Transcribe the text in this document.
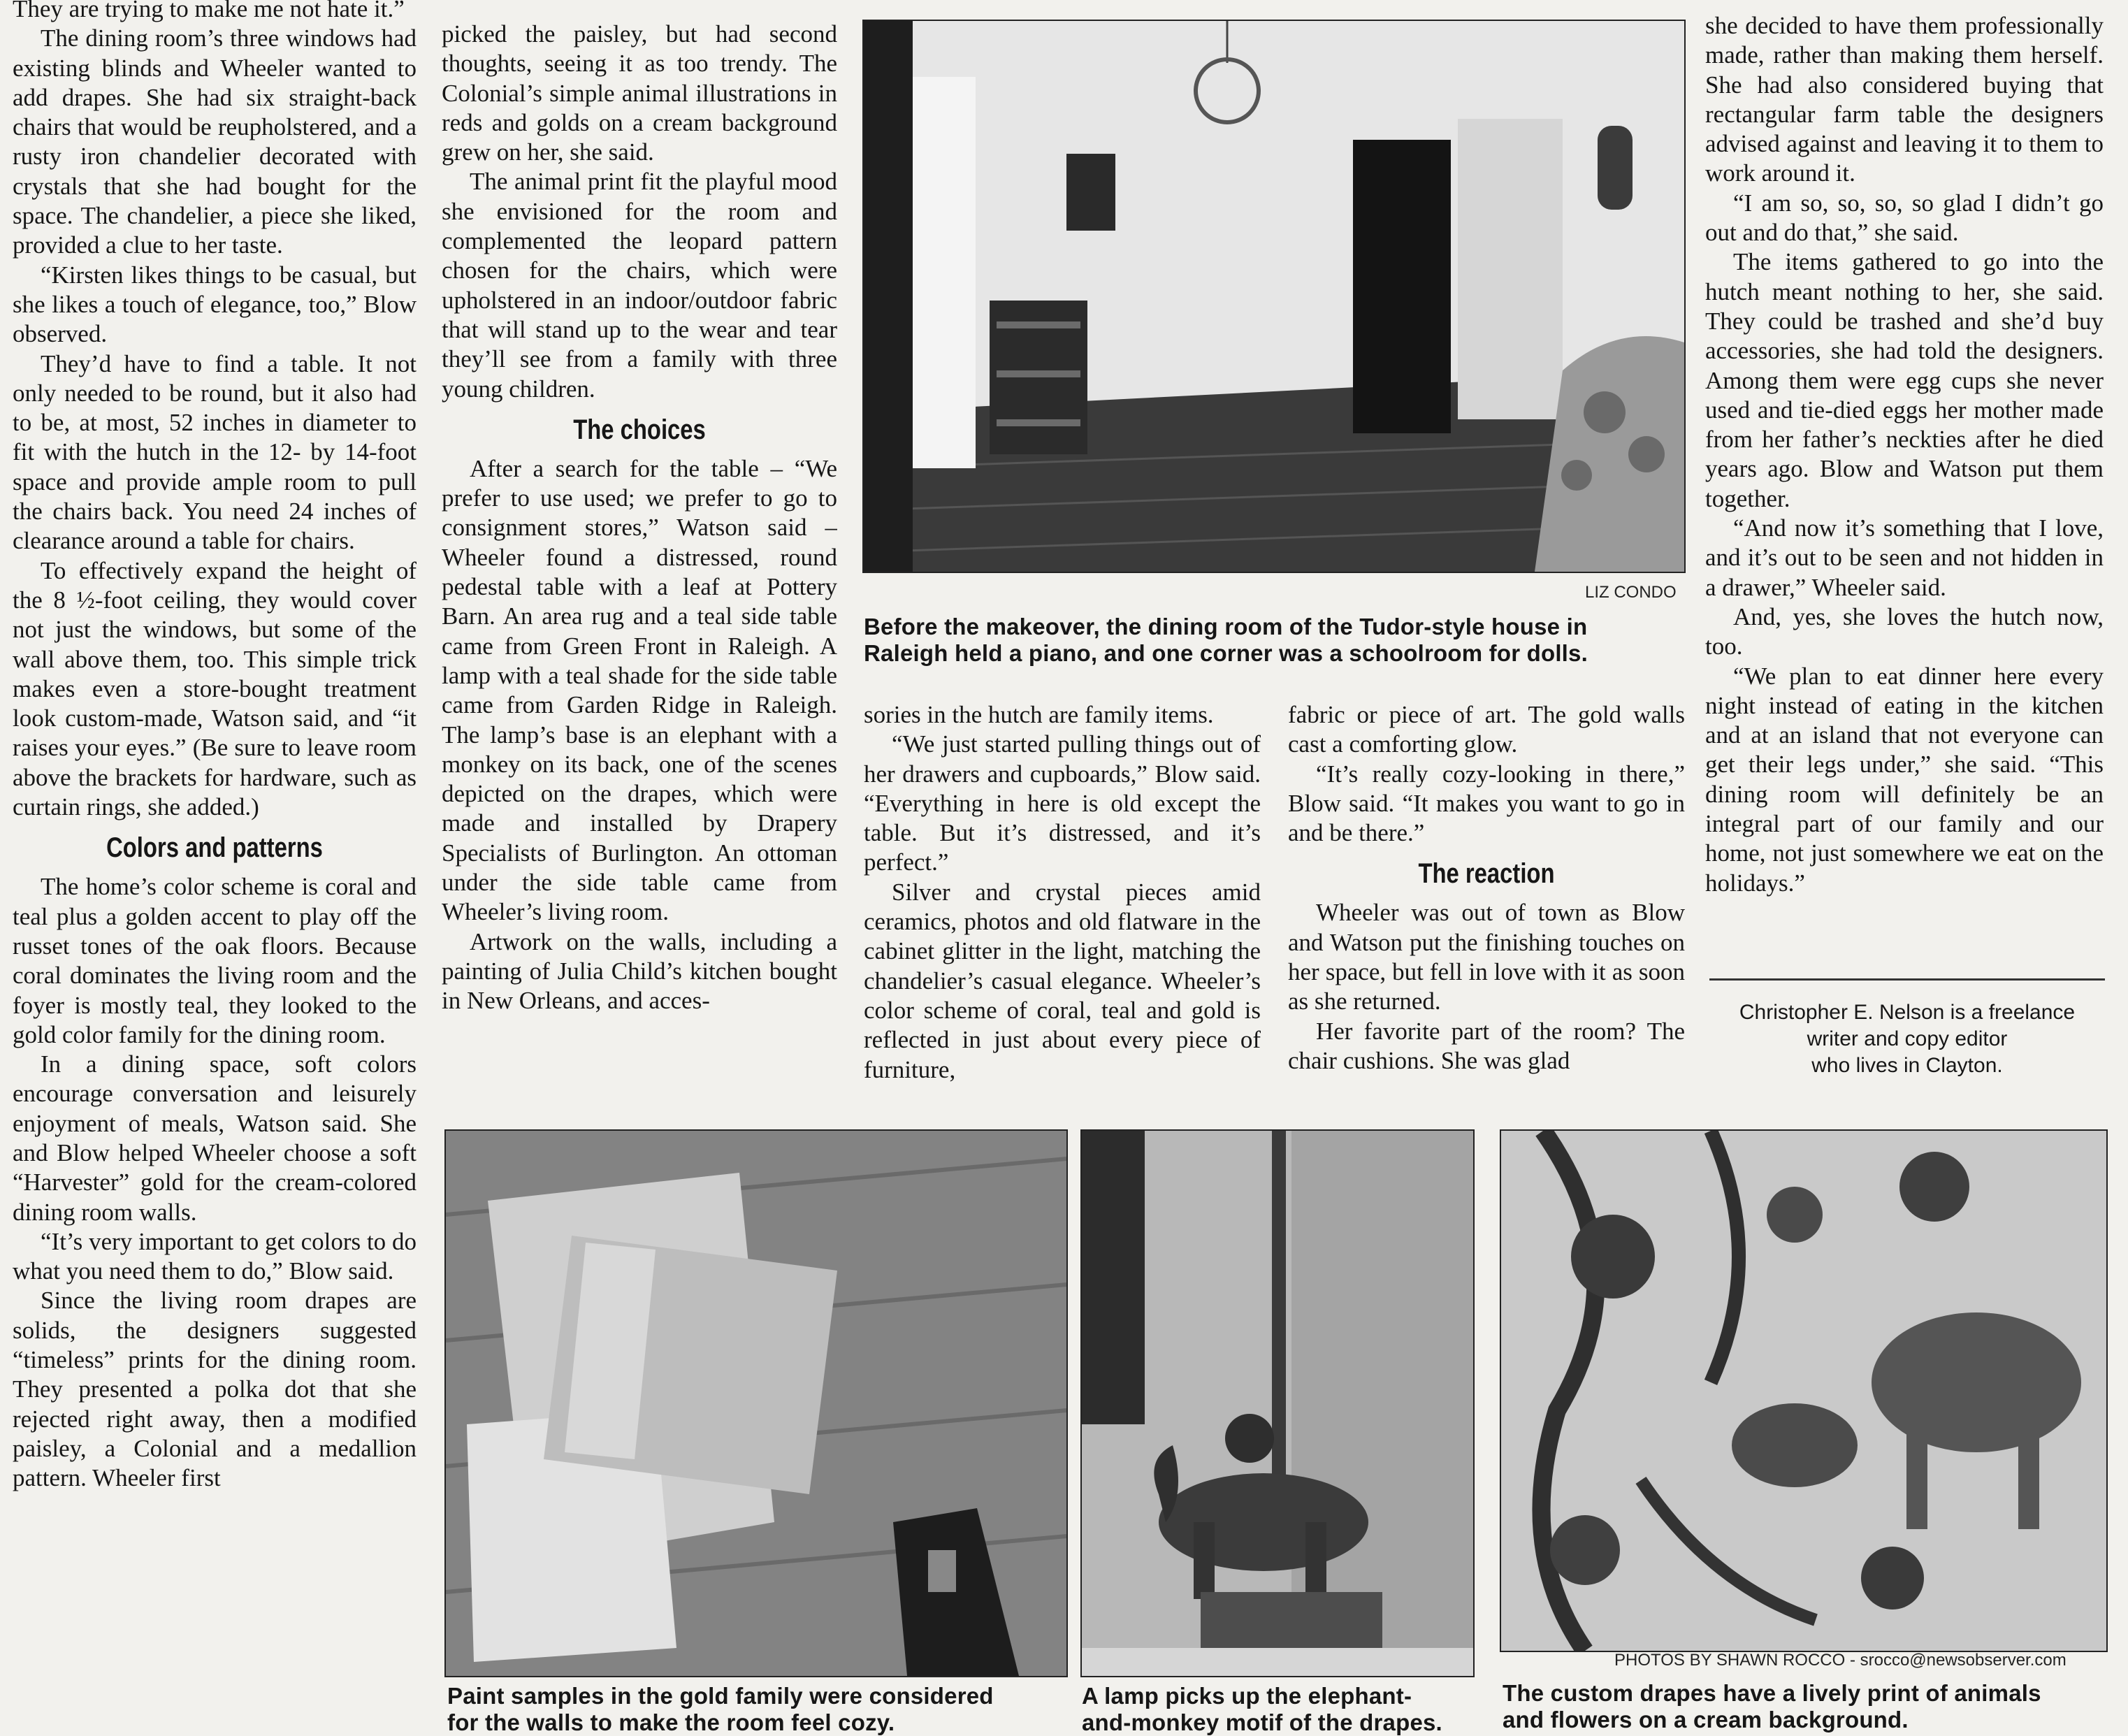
They are trying to make me not hate it.”

The dining room’s three windows had existing blinds and Wheeler wanted to add drapes. She had six straight-back chairs that would be reupholstered, and a rusty iron chandelier decorated with crystals that she had bought for the space. The chandelier, a piece she liked, provided a clue to her taste.

“Kirsten likes things to be casual, but she likes a touch of elegance, too,” Blow observed.

They’d have to find a table. It not only needed to be round, but it also had to be, at most, 52 inches in diameter to fit with the hutch in the 12- by 14-foot space and provide ample room to pull the chairs back. You need 24 inches of clearance around a table for chairs.

To effectively expand the height of the 8 ½-foot ceiling, they would cover not just the windows, but some of the wall above them, too. This simple trick makes even a store-bought treatment look custom-made, Watson said, and “it raises your eyes.” (Be sure to leave room above the brackets for hardware, such as curtain rings, she added.)

Colors and patterns

The home’s color scheme is coral and teal plus a golden accent to play off the russet tones of the oak floors. Because coral dominates the living room and the foyer is mostly teal, they looked to the gold color family for the dining room.

In a dining space, soft colors encourage conversation and leisurely enjoyment of meals, Watson said. She and Blow helped Wheeler choose a soft “Harvester” gold for the cream-colored dining room walls.

“It’s very important to get colors to do what you need them to do,” Blow said.

Since the living room drapes are solids, the designers suggested “timeless” prints for the dining room. They presented a polka dot that she rejected right away, then a modified paisley, a Colonial and a medallion pattern. Wheeler first

picked the paisley, but had second thoughts, seeing it as too trendy. The Colonial’s simple animal illustrations in reds and golds on a cream background grew on her, she said.

The animal print fit the playful mood she envisioned for the room and complemented the leopard pattern chosen for the chairs, which were upholstered in an indoor/outdoor fabric that will stand up to the wear and tear they’ll see from a family with three young children.

The choices

After a search for the table – “We prefer to use used; we prefer to go to consignment stores,” Watson said – Wheeler found a distressed, round pedestal table with a leaf at Pottery Barn. An area rug and a teal side table came from Green Front in Raleigh. A lamp with a teal shade for the side table came from Garden Ridge in Raleigh. The lamp’s base is an elephant with a monkey on its back, one of the scenes depicted on the drapes, which were made and installed by Drapery Specialists of Burlington. An ottoman under the side table came from Wheeler’s living room.

Artwork on the walls, including a painting of Julia Child’s kitchen bought in New Orleans, and acces-

LIZ CONDO
Before the makeover, the dining room of the Tudor-style house in
Raleigh held a piano, and one corner was a schoolroom for dolls.

sories in the hutch are family items.

“We just started pulling things out of her drawers and cupboards,” Blow said. “Everything in here is old except the table. But it’s distressed, and it’s perfect.”

Silver and crystal pieces amid ceramics, photos and old flatware in the cabinet glitter in the light, matching the chandelier’s casual elegance. Wheeler’s color scheme of coral, teal and gold is reflected in just about every piece of furniture,

fabric or piece of art. The gold walls cast a comforting glow.

“It’s really cozy-looking in there,” Blow said. “It makes you want to go in and be there.”

The reaction

Wheeler was out of town as Blow and Watson put the finishing touches on her space, but fell in love with it as soon as she returned.

Her favorite part of the room? The chair cushions. She was glad

she decided to have them professionally made, rather than making them herself. She had also considered buying that rectangular farm table the designers advised against and leaving it to them to work around it.

“I am so, so, so, so glad I didn’t go out and do that,” she said.

The items gathered to go into the hutch meant nothing to her, she said. They could be trashed and she’d buy accessories, she had told the designers. Among them were egg cups she never used and tie-died eggs her mother made from her father’s neckties after he died years ago. Blow and Watson put them together.

“And now it’s something that I love, and it’s out to be seen and not hidden in a drawer,” Wheeler said.

And, yes, she loves the hutch now, too.

“We plan to eat dinner here every night instead of eating in the kitchen and at an island that not everyone can get their legs under,” she said. “This dining room will definitely be an integral part of our family and our home, not just somewhere we eat on the holidays.”

Christopher E. Nelson is a freelance
writer and copy editor
who lives in Clayton.
PHOTOS BY SHAWN ROCCO - srocco@newsobserver.com
Paint samples in the gold family were considered
for the walls to make the room feel cozy.
A lamp picks up the elephant-
and-monkey motif of the drapes.
The custom drapes have a lively print of animals
and flowers on a cream background.
